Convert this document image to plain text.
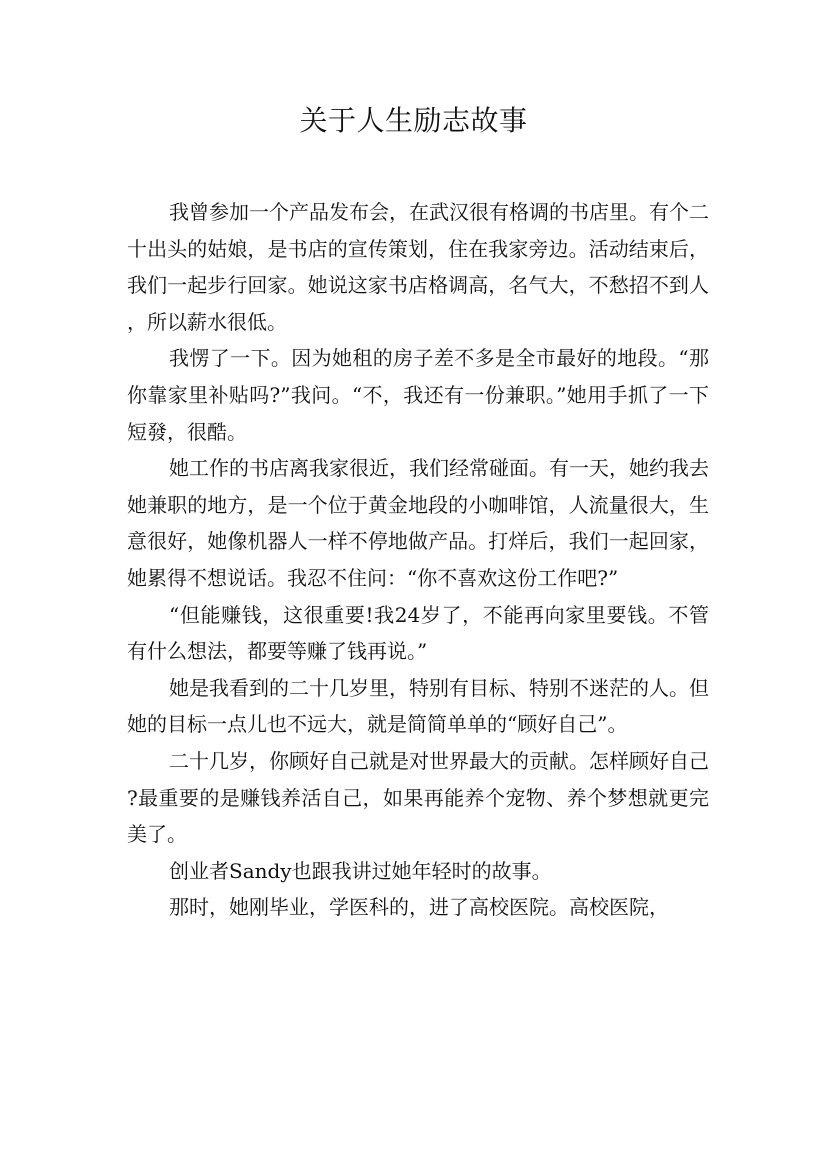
关于人生励志故事

我曾参加一个产品发布会，在武汉很有格调的书店里。有个二十出头的姑娘，是书店的宣传策划，住在我家旁边。活动结束后，我们一起步行回家。她说这家书店格调高，名气大，不愁招不到人，所以薪水很低。

我愣了一下。因为她租的房子差不多是全市最好的地段。“那你靠家里补贴吗?”我问。“不，我还有一份兼职。”她用手抓了一下短發，很酷。

她工作的书店离我家很近，我们经常碰面。有一天，她约我去她兼职的地方，是一个位于黄金地段的小咖啡馆，人流量很大，生意很好，她像机器人一样不停地做产品。打烊后，我们一起回家，她累得不想说话。我忍不住问：“你不喜欢这份工作吧?”

“但能赚钱，这很重要!我24岁了，不能再向家里要钱。不管有什么想法，都要等赚了钱再说。”

她是我看到的二十几岁里，特别有目标、特别不迷茫的人。但她的目标一点儿也不远大，就是简简单单的“顾好自己”。

二十几岁，你顾好自己就是对世界最大的贡献。怎样顾好自己?最重要的是赚钱养活自己，如果再能养个宠物、养个梦想就更完美了。

创业者Sandy也跟我讲过她年轻时的故事。

那时，她刚毕业，学医科的，进了高校医院。高校医院，
